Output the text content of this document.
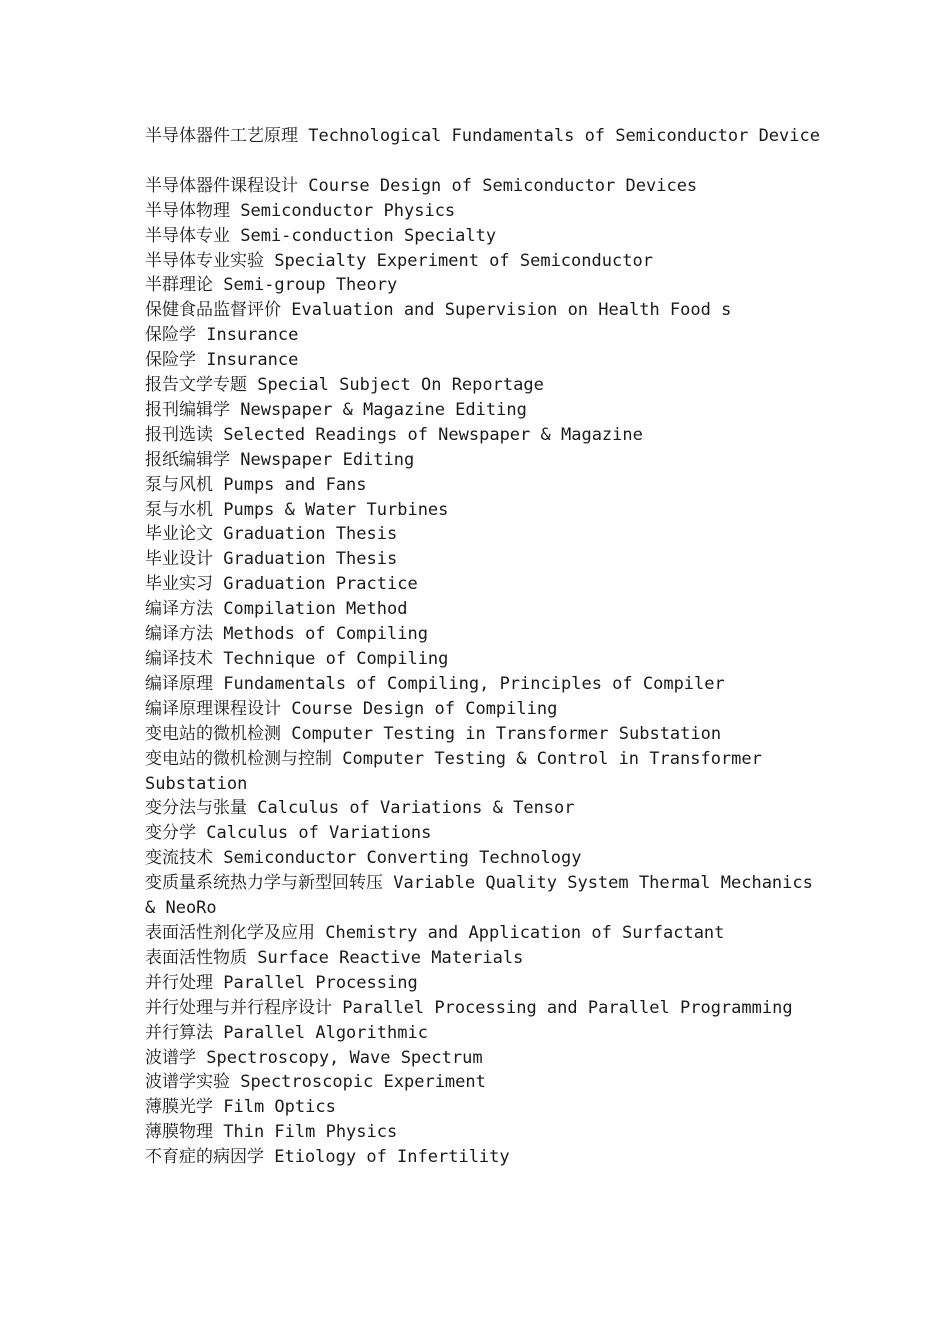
半导体器件工艺原理 Technological Fundamentals of Semiconductor Device

半导体器件课程设计 Course Design of Semiconductor Devices

半导体物理 Semiconductor Physics

半导体专业 Semi-conduction Specialty

半导体专业实验 Specialty Experiment of Semiconductor

半群理论 Semi-group Theory

保健食品监督评价 Evaluation and Supervision on Health Food s

保险学 Insurance

保险学 Insurance

报告文学专题 Special Subject On Reportage

报刊编辑学 Newspaper & Magazine Editing

报刊选读 Selected Readings of Newspaper & Magazine

报纸编辑学 Newspaper Editing

泵与风机 Pumps and Fans

泵与水机 Pumps & Water Turbines

毕业论文 Graduation Thesis

毕业设计 Graduation Thesis

毕业实习 Graduation Practice

编译方法 Compilation Method

编译方法 Methods of Compiling

编译技术 Technique of Compiling

编译原理 Fundamentals of Compiling, Principles of Compiler

编译原理课程设计 Course Design of Compiling

变电站的微机检测 Computer Testing in Transformer Substation

变电站的微机检测与控制 Computer Testing & Control in Transformer Substation

变分法与张量 Calculus of Variations & Tensor

变分学 Calculus of Variations

变流技术 Semiconductor Converting Technology

变质量系统热力学与新型回转压 Variable Quality System Thermal Mechanics & NeoRo

表面活性剂化学及应用 Chemistry and Application of Surfactant

表面活性物质 Surface Reactive Materials

并行处理 Parallel Processing

并行处理与并行程序设计 Parallel Processing and Parallel Programming

并行算法 Parallel Algorithmic

波谱学 Spectroscopy, Wave Spectrum

波谱学实验 Spectroscopic Experiment

薄膜光学 Film Optics

薄膜物理 Thin Film Physics

不育症的病因学 Etiology of Infertility
